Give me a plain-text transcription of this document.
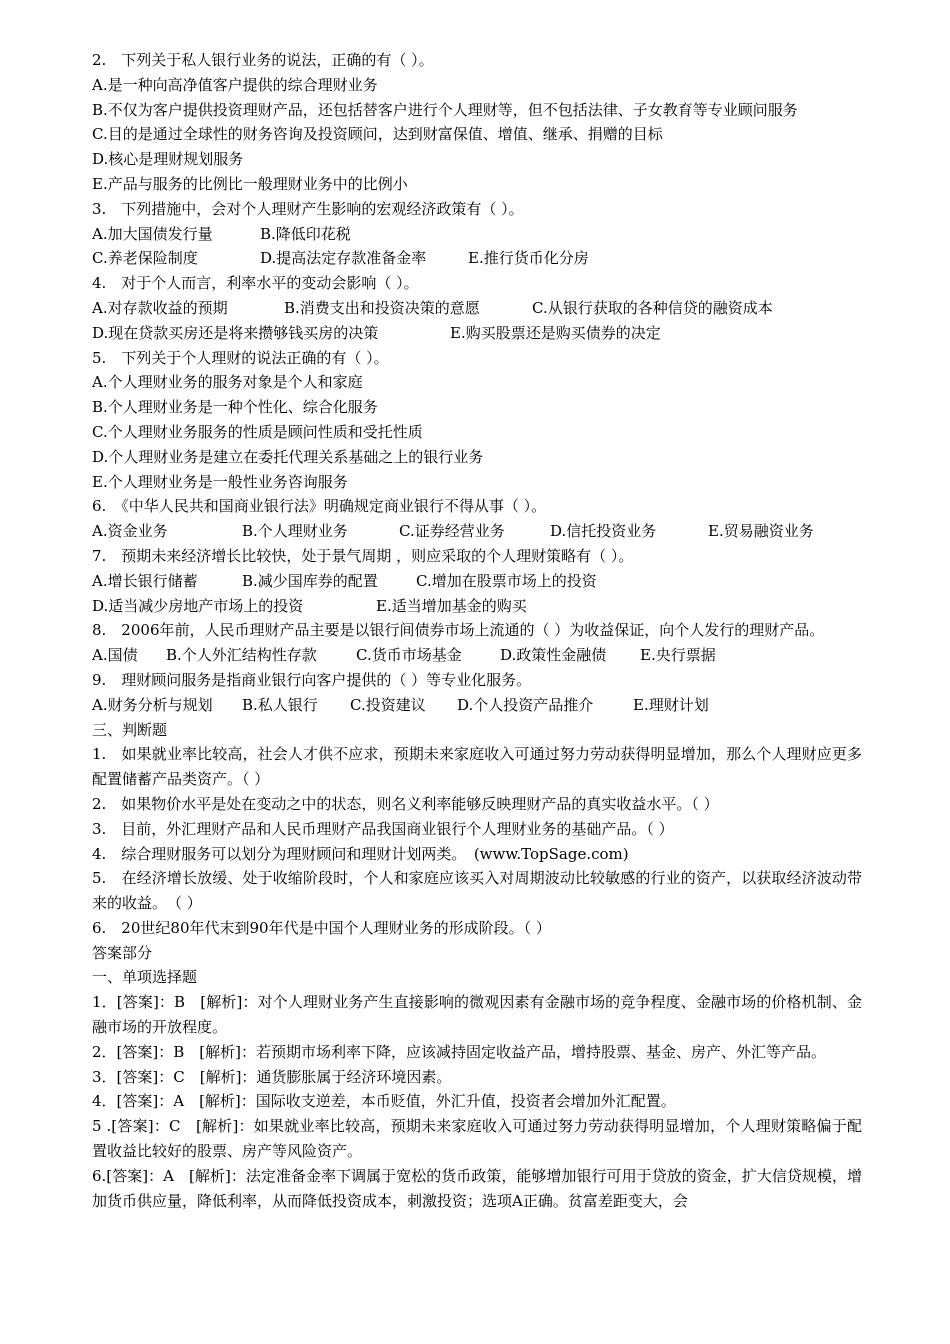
2.　下列关于私人银行业务的说法，正确的有（ ）。
A.是一种向高净值客户提供的综合理财业务
B.不仅为客户提供投资理财产品，还包括替客户进行个人理财等，但不包括法律、子女教育等专业顾问服务
C.目的是通过全球性的财务咨询及投资顾问，达到财富保值、增值、继承、捐赠的目标
D.核心是理财规划服务
E.产品与服务的比例比一般理财业务中的比例小
3.　下列措施中，会对个人理财产生影响的宏观经济政策有（ ）。
A.加大国债发行量	B.降低印花税
C.养老保险制度	D.提高法定存款准备金率	E.推行货币化分房
4.　对于个人而言，利率水平的变动会影响（ ）。
A.对存款收益的预期	B.消费支出和投资决策的意愿	C.从银行获取的各种信贷的融资成本
D.现在贷款买房还是将来攒够钱买房的决策	E.购买股票还是购买债券的决定
5.　下列关于个人理财的说法正确的有（ ）。
A.个人理财业务的服务对象是个人和家庭
B.个人理财业务是一种个性化、综合化服务
C.个人理财业务服务的性质是顾问性质和受托性质
D.个人理财业务是建立在委托代理关系基础之上的银行业务
E.个人理财业务是一般性业务咨询服务
6.　《中华人民共和国商业银行法》明确规定商业银行不得从事（ ）。
A.资金业务	B.个人理财业务	C.证券经营业务	D.信托投资业务	E.贸易融资业务
7.　预期未来经济增长比较快，处于景气周期 ，则应采取的个人理财策略有（ ）。
A.增长银行储蓄	B.减少国库券的配置	C.增加在股票市场上的投资
D.适当减少房地产市场上的投资	E.适当增加基金的购买
8.　2006年前，人民币理财产品主要是以银行间债券市场上流通的（ ）为收益保证，向个人发行的理财产品。
A.国债	B.个人外汇结构性存款	C.货币市场基金	D.政策性金融债	E.央行票据
9.　理财顾问服务是指商业银行向客户提供的（ ）等专业化服务。
A.财务分析与规划	B.私人银行	C.投资建议	D.个人投资产品推介	E.理财计划
三、判断题
1.　如果就业率比较高，社会人才供不应求，预期未来家庭收入可通过努力劳动获得明显增加，那么个人理财应更多配置储蓄产品类资产。（ ）
2.　如果物价水平是处在变动之中的状态，则名义利率能够反映理财产品的真实收益水平。（ ）
3.　目前，外汇理财产品和人民币理财产品我国商业银行个人理财业务的基础产品。（ ）
4.　综合理财服务可以划分为理财顾问和理财计划两类。　(www.TopSage.com)
5.　在经济增长放缓、处于收缩阶段时，个人和家庭应该买入对周期波动比较敏感的行业的资产，以获取经济波动带来的收益。　（ ）
6.　20世纪80年代末到90年代是中国个人理财业务的形成阶段。（ ）
答案部分
一、单项选择题
1．[答案]：B　[解析]：对个人理财业务产生直接影响的微观因素有金融市场的竞争程度、金融市场的价格机制、金融市场的开放程度。
2．[答案]：B　[解析]：若预期市场利率下降，应该减持固定收益产品，增持股票、基金、房产、外汇等产品。
3．[答案]：C　[解析]：通货膨胀属于经济环境因素。
4．[答案]：A　[解析]：国际收支逆差，本币贬值，外汇升值，投资者会增加外汇配置。
5 .[答案]：C　[解析]：如果就业率比较高，预期未来家庭收入可通过努力劳动获得明显增加，个人理财策略偏于配置收益比较好的股票、房产等风险资产。
6.[答案]：A　[解析]：法定准备金率下调属于宽松的货币政策，能够增加银行可用于贷放的资金，扩大信贷规模，增加货币供应量，降低利率，从而降低投资成本，刺激投资；选项A正确。贫富差距变大，会
